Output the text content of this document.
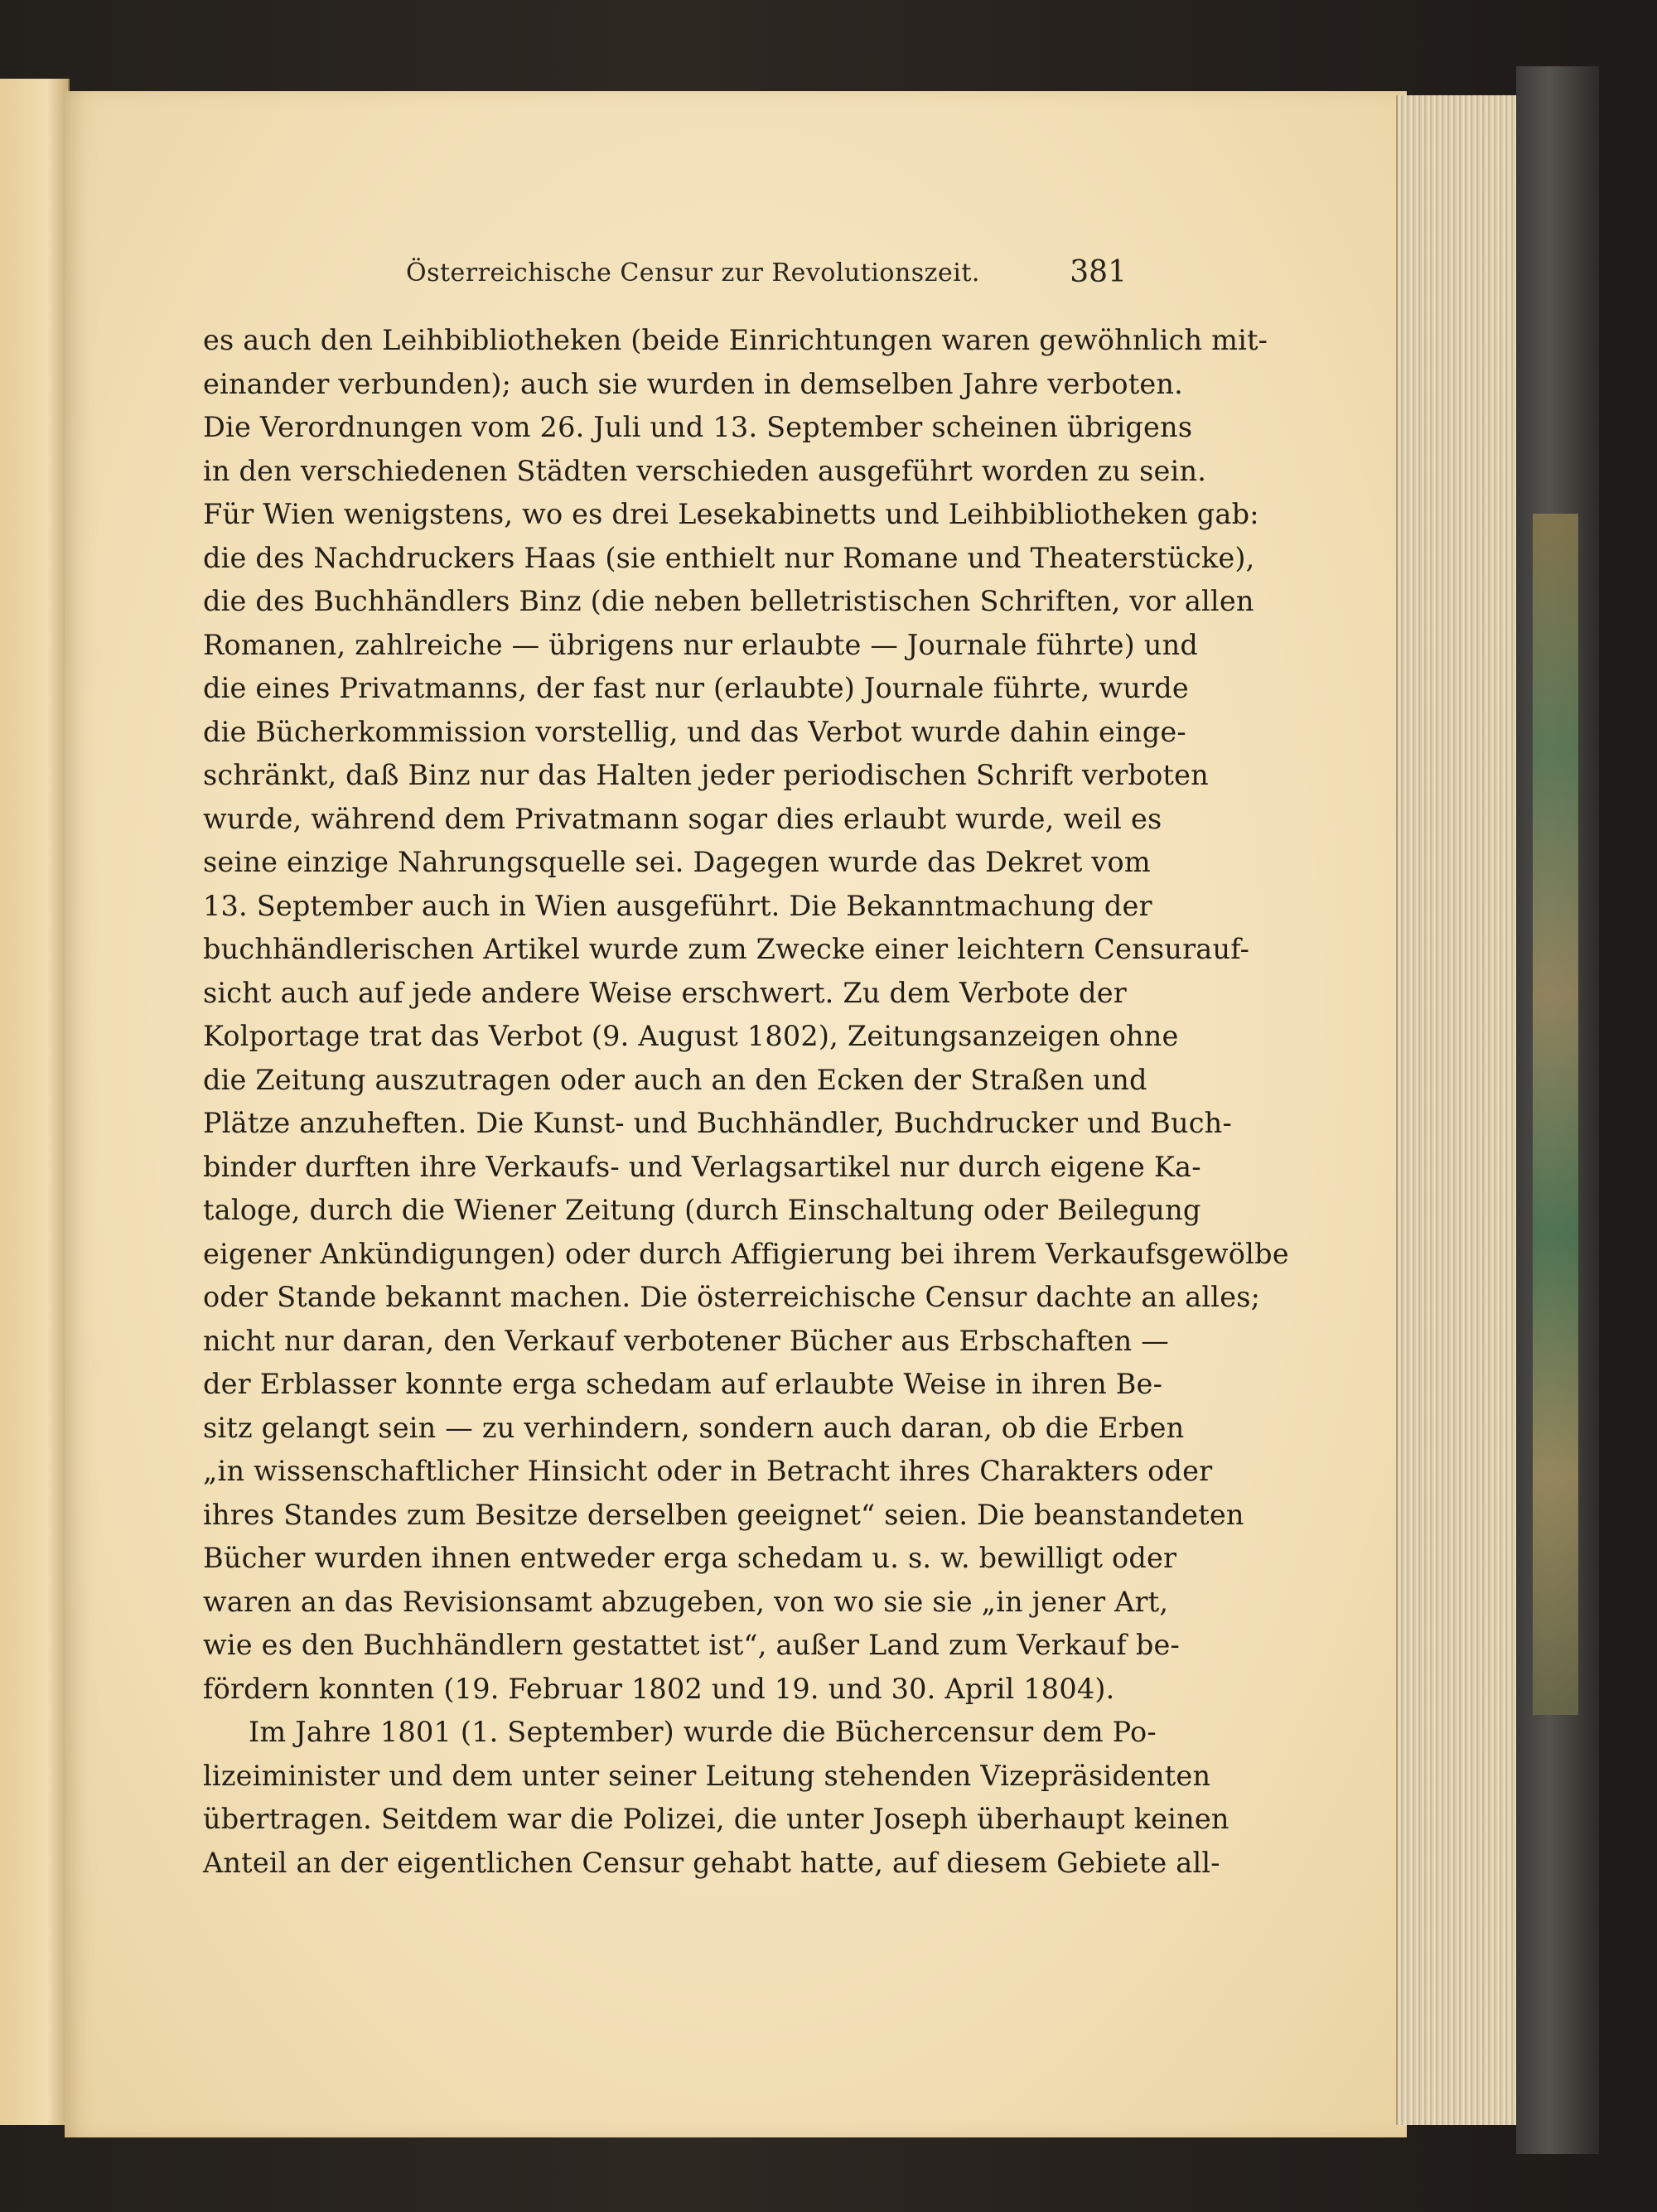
Österreichische Censur zur Revolutionszeit.	381
es auch den Leihbibliotheken (beide Einrichtungen waren gewöhnlich mit-
einander verbunden); auch sie wurden in demselben Jahre verboten.
Die Verordnungen vom 26. Juli und 13. September scheinen übrigens
in den verschiedenen Städten verschieden ausgeführt worden zu sein.
Für Wien wenigstens, wo es drei Lesekabinetts und Leihbibliotheken gab:
die des Nachdruckers Haas (sie enthielt nur Romane und Theaterstücke),
die des Buchhändlers Binz (die neben belletristischen Schriften, vor allen
Romanen, zahlreiche — übrigens nur erlaubte — Journale führte) und
die eines Privatmanns, der fast nur (erlaubte) Journale führte, wurde
die Bücherkommission vorstellig, und das Verbot wurde dahin einge-
schränkt, daß Binz nur das Halten jeder periodischen Schrift verboten
wurde, während dem Privatmann sogar dies erlaubt wurde, weil es
seine einzige Nahrungsquelle sei. Dagegen wurde das Dekret vom
13. September auch in Wien ausgeführt. Die Bekanntmachung der
buchhändlerischen Artikel wurde zum Zwecke einer leichtern Censurauf-
sicht auch auf jede andere Weise erschwert. Zu dem Verbote der
Kolportage trat das Verbot (9. August 1802), Zeitungsanzeigen ohne
die Zeitung auszutragen oder auch an den Ecken der Straßen und
Plätze anzuheften. Die Kunst- und Buchhändler, Buchdrucker und Buch-
binder durften ihre Verkaufs- und Verlagsartikel nur durch eigene Ka-
taloge, durch die Wiener Zeitung (durch Einschaltung oder Beilegung
eigener Ankündigungen) oder durch Affigierung bei ihrem Verkaufsgewölbe
oder Stande bekannt machen. Die österreichische Censur dachte an alles;
nicht nur daran, den Verkauf verbotener Bücher aus Erbschaften —
der Erblasser konnte erga schedam auf erlaubte Weise in ihren Be-
sitz gelangt sein — zu verhindern, sondern auch daran, ob die Erben
„in wissenschaftlicher Hinsicht oder in Betracht ihres Charakters oder
ihres Standes zum Besitze derselben geeignet“ seien. Die beanstandeten
Bücher wurden ihnen entweder erga schedam u. s. w. bewilligt oder
waren an das Revisionsamt abzugeben, von wo sie sie „in jener Art,
wie es den Buchhändlern gestattet ist“, außer Land zum Verkauf be-
fördern konnten (19. Februar 1802 und 19. und 30. April 1804).
Im Jahre 1801 (1. September) wurde die Büchercensur dem Po-
lizeiminister und dem unter seiner Leitung stehenden Vizepräsidenten
übertragen. Seitdem war die Polizei, die unter Joseph überhaupt keinen
Anteil an der eigentlichen Censur gehabt hatte, auf diesem Gebiete all-
